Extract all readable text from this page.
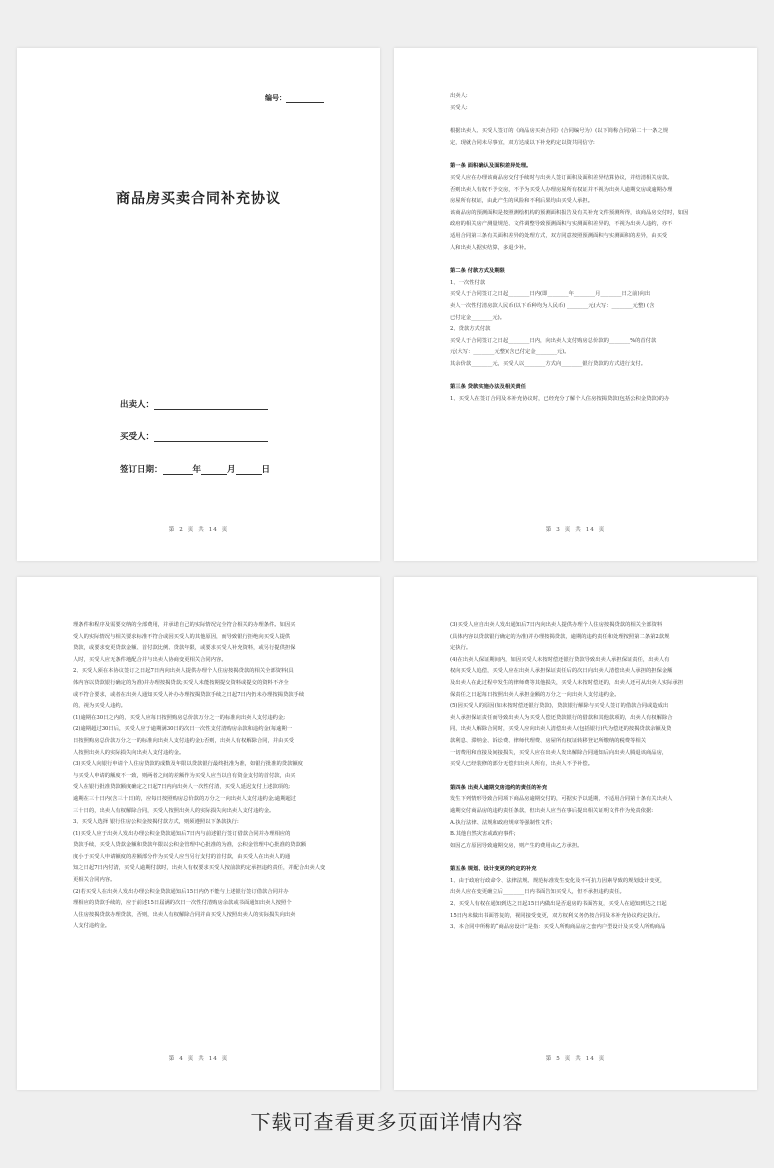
编号：
商品房买卖合同补充协议
出卖人：
买受人：
签订日期：	年	月	日
第 2 页 共 14 页

出卖人:

买受人:

根据出卖人、买受人签订的《商品房买卖合同》(合同编号为）(以下简称合同)第二十一条之规

定，现就合同未尽事宜，双方达成以下补充约定以资共同信守:

第一条 面积确认及面积差异处理。

买受人应在办理该商品房交付手续时与出卖人签订面积及面积差异结算协议，并结清相关房款。

否则出卖人有权不予交房，不予为买受人办理房屋所有权证并不视为出卖人逾期交房或逾期办理

房屋所有权证，由此产生的风险和不利后果均由买受人承担。

该商品房的预测面积是按照测绘机构的预测面积报告及有关补充文件预测所得，该商品房交付时，如因

政府的相关房产测量规范、文件调整导致预测面积与实测面积差异的，不视为出卖人违约，亦不

适用合同第三条有关面积差异的处理方式，双方同意按照预测面积与实测面积的差异，由买受

人和出卖人据实结算，多退少补。

第二条 付款方式及期限

1、一次性付款

买受人于合同签订之日起________日内(即________年________月________日之前)向出

卖人一次性付清房款人民币(以下币种均为人民币) ________元(大写：________元整) (含

已付定金________元)。

2、贷款方式付款

买受人于合同签订之日起________日内，向出卖人支付购房总价款的________%的首付款

元(大写：________元整)(含已付定金________元)。

其余价款________元，买受人以________方式向________银行贷款的方式进行支付。

第三条 贷款实施办法及相关责任

1、买受人在签订合同及本补充协议时，已经充分了解个人住房按揭贷款(包括公积金贷款)的办

第 3 页 共 14 页

理条件和程序及需要交纳的全部费用，并承诺自己的实际情况完全符合相关的办理条件。如因买

受人的实际情况与相关要求标准不符合或因买受人的其他原因，而导致银行拒绝向买受人提供

贷款，或要求变更贷款金额、首付款比例、贷款年限，或要求买受人补充资料，或另行提供担保

人时，买受人应无条件地配合并与出卖人协商变更相关合同内容。

2、买受人须在本协议签订之日起7日内向出卖人提供办理个人住房按揭贷款的相关全部资料(具

体内容以贷款银行确定的为准)并办理按揭贷款;买受人未能按期提交资料或提交的资料不齐全

或不符合要求，或者在出卖人通知买受人补办办理按揭贷款手续之日起7日内仍未办理按揭贷款手续

的，视为买受人违约。

(1)逾期在30日之内的，买受人应每日按照购房总价款万分之一的标准向出卖人支付违约金;

(2)逾期超过30日后，买受人应于逾期满30日的次日一次性支付清购房余款和违约金(每逾期一

日按照购房总价款万分之一的标准向出卖人支付违约金);否则，出卖人有权解除合同，并由买受

人按照出卖人的实际损失向出卖人支付违约金。

(3)买受人向银行申请个人住房贷款的成数及年限以贷款银行最终批准为准，如银行批准的贷款额度

与买受人申请的额度不一致，则两者之间的差额作为买受人应当以自有资金支付的首付款，由买

受人在银行批准贷款额度确定之日起7日内向出卖人一次性付清，买受人延迟支付上述款项的;

逾期在三十日内(含三十日)的，应每日按照购房总价款的万分之一向出卖人支付违约金;逾期超过

三十日的，出卖人有权解除合同，买受人按照出卖人的实际损失向出卖人支付违约金。

3、买受人选择 银行住房公积金按揭付款方式，则须遵照以下条款执行:

(1)买受人应于出卖人发出办理公积金贷款通知后7日内与前述银行签订借款合同并办理相应的

贷款手续，买受人贷款金额和贷款年限以公积金管理中心批准的为准，公积金管理中心批准的贷款额

度小于买受人申请额度的差额部分作为买受人应当另行支付的首付款，由买受人在出卖人的通

知之日起7日内付清，买受人逾期付款时，出卖人有权要求买受人按前款约定承担违约责任，并配合出卖人变

更相关合同内容。

(2)若买受人在出卖人发出办理公积金贷款通知后15日内仍不能与上述银行签订借款合同并办

理相应的贷款手续的，应于前述15日届满的次日一次性付清购房余款或书面通知出卖人按照个

人住房按揭贷款办理贷款，否则，出卖人有权解除合同并由买受人按照出卖人的实际损失向出卖

人支付违约金。

第 4 页 共 14 页

(3)买受人应自出卖人发出通知后7日内向出卖人提供办理个人住房按揭贷款的相关全部资料

(具体内容以贷款银行确定的为准)并办理按揭贷款，逾期的违约责任和处理按照第二条第2款规

定执行。

(4)在出卖人保证期间内，如因买受人未按时偿还银行贷款导致出卖人承担保证责任，出卖人有

权向买受人追偿，买受人应在出卖人承担保证责任后的次日向出卖人清偿出卖人承担的担保金额

及出卖人在此过程中发生的律师费等其他损失，买受人未按时偿还的，出卖人还可从出卖人实际承担

保责任之日起每日按照出卖人承担金额的万分之一向出卖人支付违约金。

(5)因买受人的原因(如未按时偿还银行贷款)，贷款银行解除与买受人签订的借款合同或造成出

卖人承担保证责任而导致出卖人为买受人偿还贷款银行的借款和其他款项的，出卖人有权解除合

同，出卖人解除合同时，买受人应向出卖人清偿出卖人(包括银行)代为偿还的按揭贷款余额及贷

款利息、滞纳金、诉讼费、律师代理费、房屋所有权证转移登记所缴纳的税费等相关

一切费用和直接及间接损失，买受人应在出卖人发出解除合同通知后向出卖人腾退该商品房，

买受人已经装修的部分无偿归出卖人所有，出卖人不予补偿。

第四条 出卖人逾期交房违约的责任的补充

发生下列情形导致合同项下商品房逾期交付的，可据实予以延期，不适用合同第十条有关出卖人

逾期交付商品房的违约责任条款，但出卖人应当在事后提出相关证明文件作为免责依据:

A.执行法律、法规和政府规章等强制性文件;

B.其他自然灾害或政府事件;

如因乙方原因导致逾期交房，则产生的费用由乙方承担。

第五条 规划、设计变更的约定的补充

1、由于政府行政命令、法律法规、规范标准发生变化及不可抗力因素导致的规划设计变更，

出卖人应在变更确立后________日内书面告知买受人，但不承担违约责任。

2、买受人有权在通知到达之日起15日内做出是否退房的书面答复，买受人在通知到达之日起

15日内未做出书面答复的，视同接受变更，双方权利义务仍按合同及本补充协议约定执行。

3、本合同中所称的“商品房设计”是指：买受人所购商品房之套内户型设计及买受人所购商品

第 5 页 共 14 页
下载可查看更多页面详情内容
